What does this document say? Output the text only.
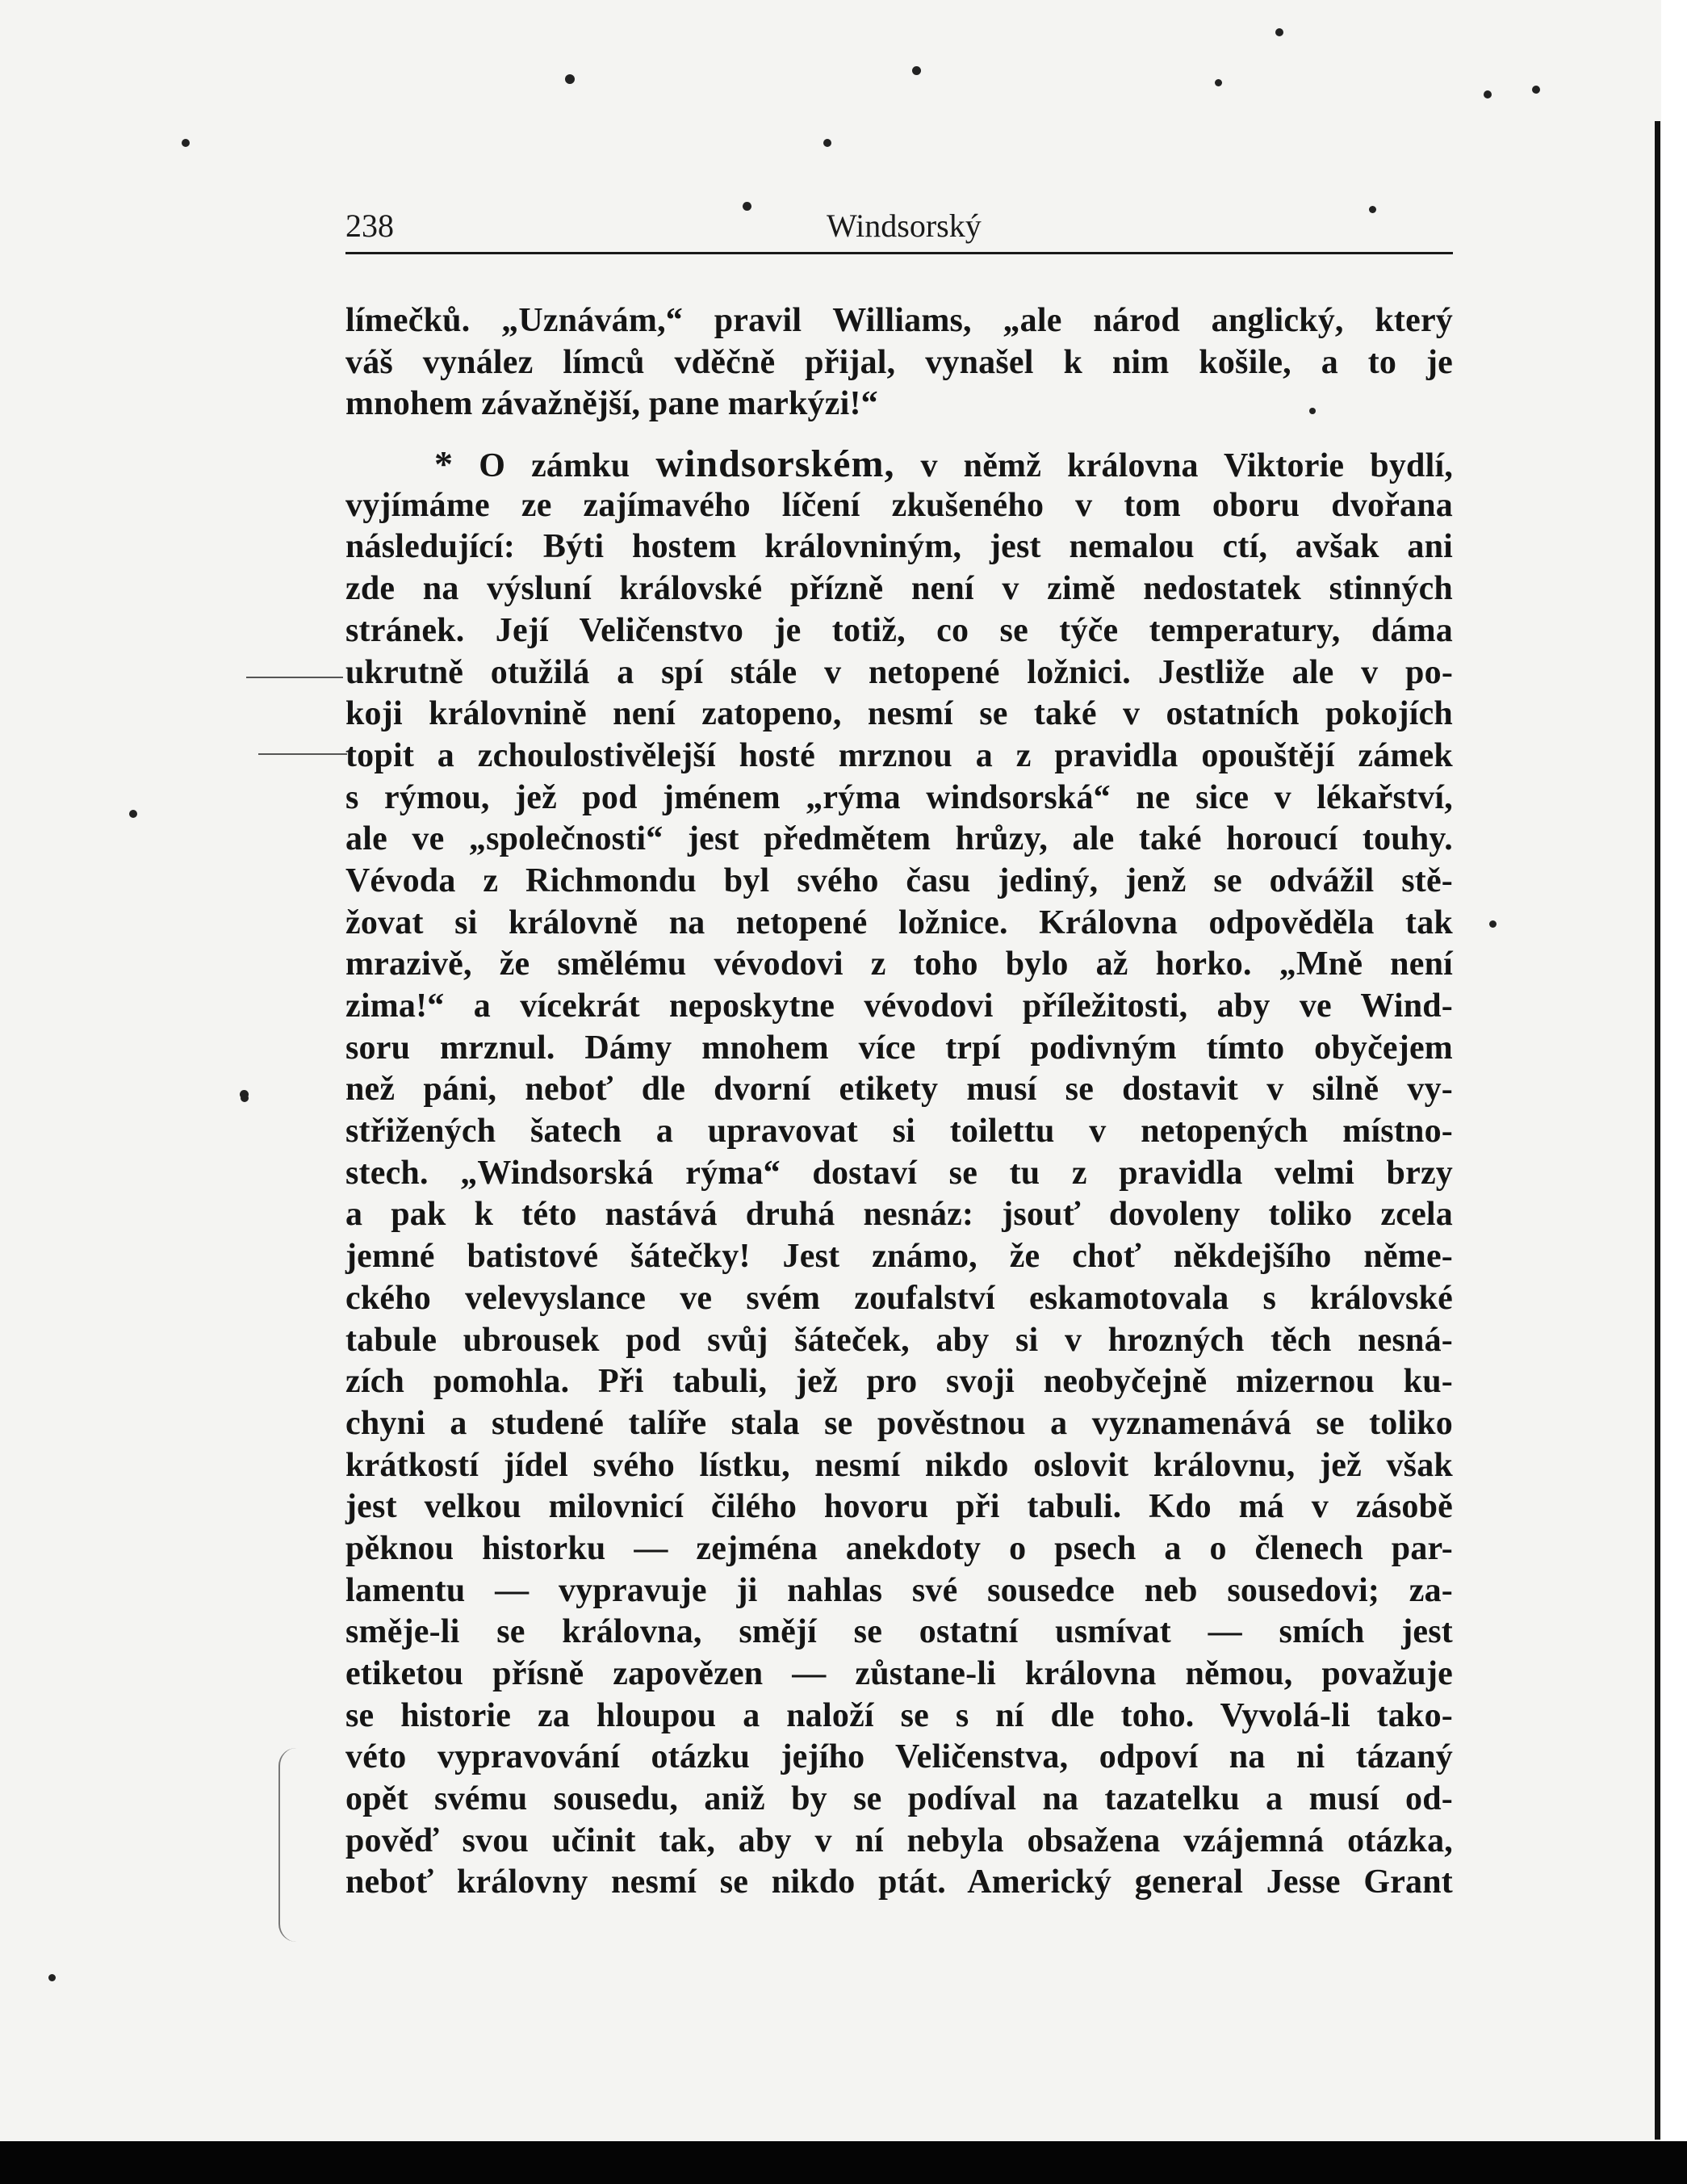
238	Windsorský
límečků. „Uznávám,“ pravil Williams, „ale národ anglický, který
váš vynález límců vděčně přijal, vynašel k nim košile, a to je
mnohem závažnější, pane markýzi!“
* O zámku windsorském, v němž královna Viktorie bydlí,
vyjímáme ze zajímavého líčení zkušeného v tom oboru dvořana
následující: Býti hostem královniným, jest nemalou ctí, avšak ani
zde na výsluní královské přízně není v zimě nedostatek stinných
stránek. Její Veličenstvo je totiž, co se týče temperatury, dáma
ukrutně otužilá a spí stále v netopené ložnici. Jestliže ale v po-
koji královnině není zatopeno, nesmí se také v ostatních pokojích
topit a zchoulostivělejší hosté mrznou a z pravidla opouštějí zámek
s rýmou, jež pod jménem „rýma windsorská“ ne sice v lékařství,
ale ve „společnosti“ jest předmětem hrůzy, ale také horoucí touhy.
Vévoda z Richmondu byl svého času jediný, jenž se odvážil stě-
žovat si královně na netopené ložnice. Královna odpověděla tak
mrazivě, že smělému vévodovi z toho bylo až horko. „Mně není
zima!“ a vícekrát neposkytne vévodovi příležitosti, aby ve Wind-
soru mrznul. Dámy mnohem více trpí podivným tímto obyčejem
než páni, neboť dle dvorní etikety musí se dostavit v silně vy-
střižených šatech a upravovat si toilettu v netopených místno-
stech. „Windsorská rýma“ dostaví se tu z pravidla velmi brzy
a pak k této nastává druhá nesnáz: jsouť dovoleny toliko zcela
jemné batistové šátečky! Jest známo, že choť někdejšího něme-
ckého velevyslance ve svém zoufalství eskamotovala s královské
tabule ubrousek pod svůj šáteček, aby si v hrozných těch nesná-
zích pomohla. Při tabuli, jež pro svoji neobyčejně mizernou ku-
chyni a studené talíře stala se pověstnou a vyznamenává se toliko
krátkostí jídel svého lístku, nesmí nikdo oslovit královnu, jež však
jest velkou milovnicí čilého hovoru při tabuli. Kdo má v zásobě
pěknou historku — zejména anekdoty o psech a o členech par-
lamentu — vypravuje ji nahlas své sousedce neb sousedovi; za-
směje-li se královna, smějí se ostatní usmívat — smích jest
etiketou přísně zapovězen — zůstane-li královna němou, považuje
se historie za hloupou a naloží se s ní dle toho. Vyvolá-li tako-
véto vypravování otázku jejího Veličenstva, odpoví na ni tázaný
opět svému sousedu, aniž by se podíval na tazatelku a musí od-
pověď svou učinit tak, aby v ní nebyla obsažena vzájemná otázka,
neboť královny nesmí se nikdo ptát. Americký general Jesse Grant
